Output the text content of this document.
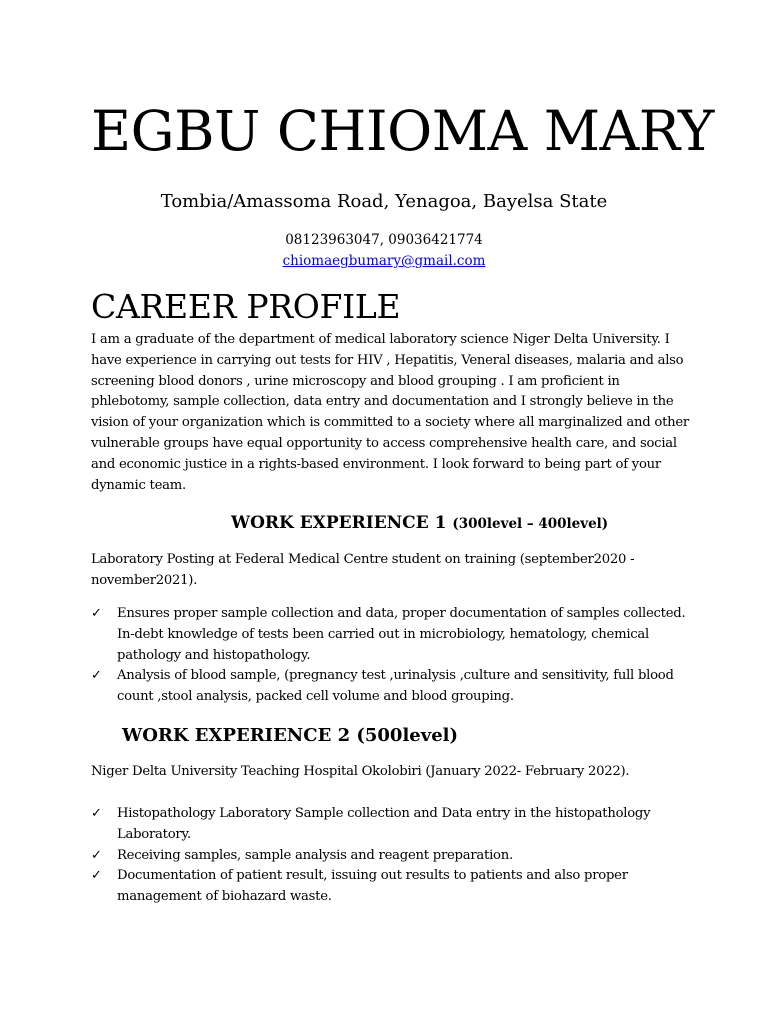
EGBU CHIOMA MARY
Tombia/Amassoma Road, Yenagoa, Bayelsa State
08123963047, 09036421774
chiomaegbumary@gmail.com
CAREER PROFILE
I am a graduate of the department of medical laboratory science Niger Delta University. I have experience in carrying out tests for HIV , Hepatitis, Veneral diseases, malaria and also screening blood donors , urine microscopy and blood grouping . I am proficient in phlebotomy, sample collection, data entry and documentation and I strongly believe in the vision of your organization which is committed to a society where all marginalized and other vulnerable groups have equal opportunity to access comprehensive health care, and social and economic justice in a rights-based environment. I look forward to being part of your dynamic team.
WORK EXPERIENCE 1 (300level – 400level)
Laboratory Posting at Federal Medical Centre student on training (september2020 - november2021).
✓ Ensures proper sample collection and data, proper documentation of samples collected. In-debt knowledge of tests been carried out in microbiology, hematology, chemical pathology and histopathology.
✓ Analysis of blood sample, (pregnancy test ,urinalysis ,culture and sensitivity, full blood count ,stool analysis, packed cell volume and blood grouping.
WORK EXPERIENCE 2 (500level)
Niger Delta University Teaching Hospital Okolobiri (January 2022- February 2022).
✓ Histopathology Laboratory Sample collection and Data entry in the histopathology Laboratory.
✓ Receiving samples, sample analysis and reagent preparation.
✓ Documentation of patient result, issuing out results to patients and also proper management of biohazard waste.
